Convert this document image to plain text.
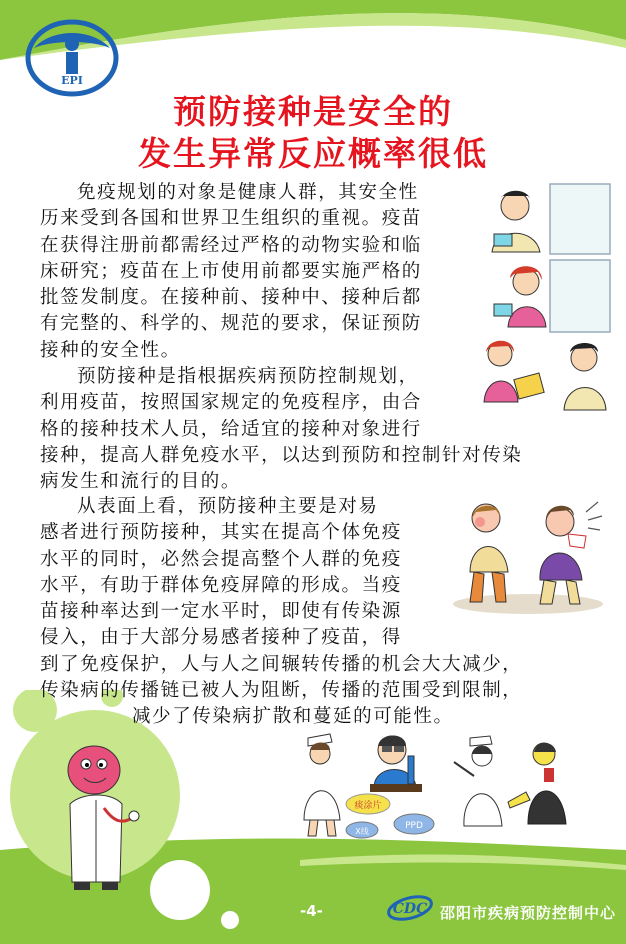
EPI
预防接种是安全的
发生异常反应概率很低
免疫规划的对象是健康人群，其安全性
历来受到各国和世界卫生组织的重视。疫苗
在获得注册前都需经过严格的动物实验和临
床研究；疫苗在上市使用前都要实施严格的
批签发制度。在接种前、接种中、接种后都
有完整的、科学的、规范的要求，保证预防
接种的安全性。
预防接种是指根据疾病预防控制规划，
利用疫苗，按照国家规定的免疫程序，由合
格的接种技术人员，给适宜的接种对象进行
接种，提高人群免疫水平，以达到预防和控制针对传染
病发生和流行的目的。
从表面上看，预防接种主要是对易
感者进行预防接种，其实在提高个体免疫
水平的同时，必然会提高整个人群的免疫
水平，有助于群体免疫屏障的形成。当疫
苗接种率达到一定水平时，即使有传染源
侵入，由于大部分易感者接种了疫苗，得
到了免疫保护，人与人之间辗转传播的机会大大减少，
传染病的传播链已被人为阻断，传播的范围受到限制，
减少了传染病扩散和蔓延的可能性。
痰涂片
PPD
X线
-4-	CDC 邵阳市疾病预防控制中心
